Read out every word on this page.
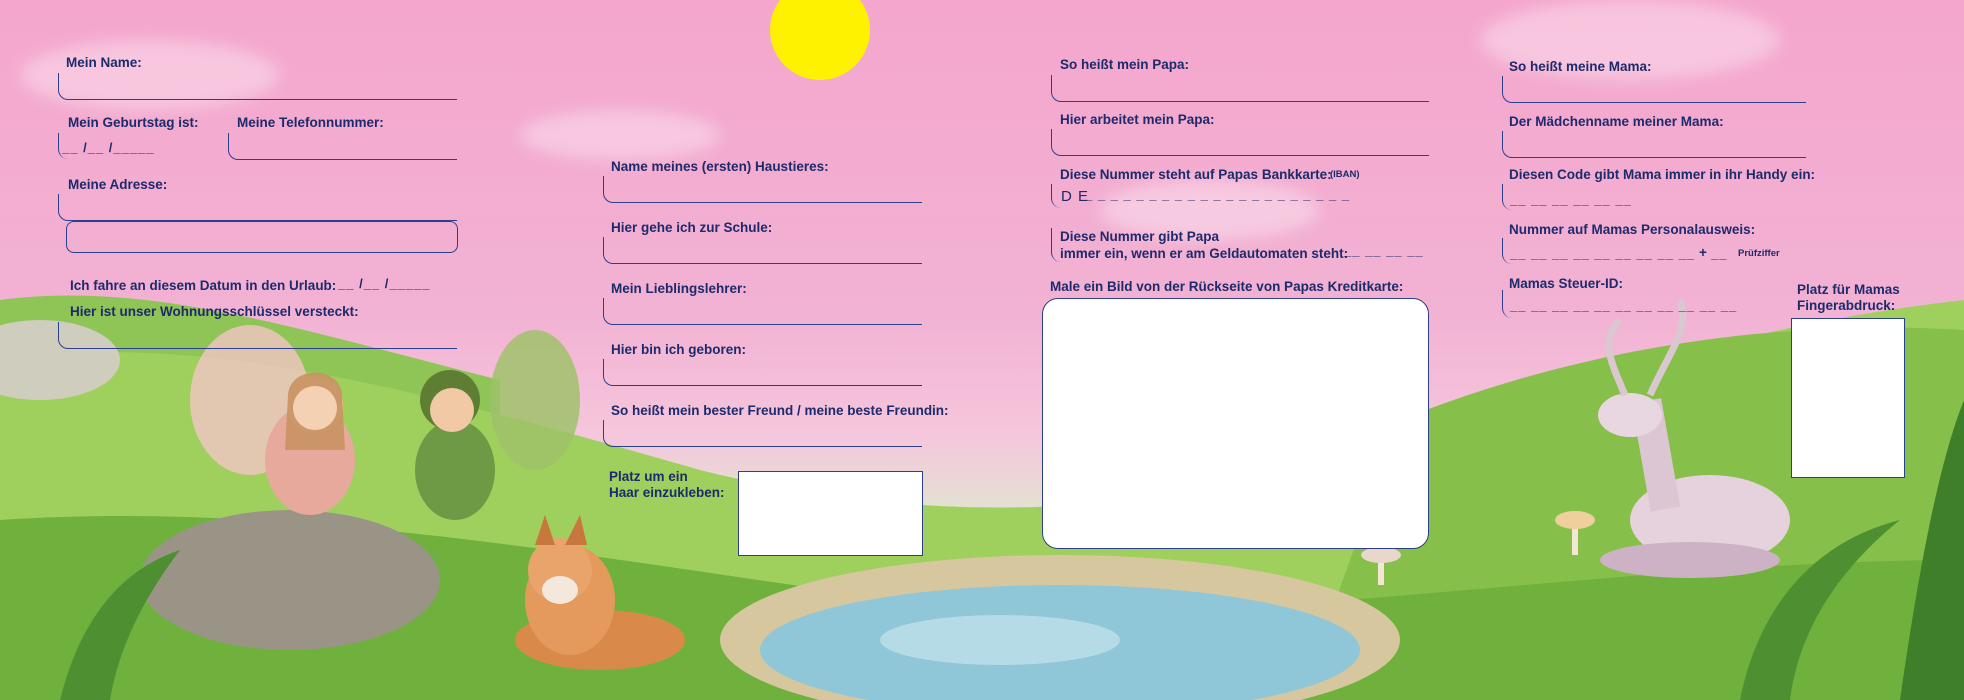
Mein Name:
Mein Geburtstag ist:
__ /__ /_____
Meine Telefonnummer:
Meine Adresse:
Ich fahre an diesem Datum in den Urlaub: __ /__ /_____
Hier ist unser Wohnungsschlüssel versteckt:
Name meines (ersten) Haustieres:
Hier gehe ich zur Schule:
Mein Lieblingslehrer:
Hier bin ich geboren:
So heißt mein bester Freund / meine beste Freundin:
Platz um ein
Haar einzukleben:
So heißt mein Papa:
Hier arbeitet mein Papa:
Diese Nummer steht auf Papas Bankkarte:
(IBAN)
D E
_ _ _ _ _ _ _ _ _ _ _ _ _ _ _ _ _ _ _ _ _
Diese Nummer gibt Papa
immer ein, wenn er am Geldautomaten steht:
__ __ __ __
Male ein Bild von der Rückseite von Papas Kreditkarte:
So heißt meine Mama:
Der Mädchenname meiner Mama:
Diesen Code gibt Mama immer in ihr Handy ein:
__ __ __ __ __ __
Nummer auf Mamas Personalausweis:
__ __ __ __ __ __ __ __ __ + __ Prüfziffer
Mamas Steuer-ID:
__ __ __ __ __ __ __ __ __ __ __
Platz für Mamas
Fingerabdruck:
